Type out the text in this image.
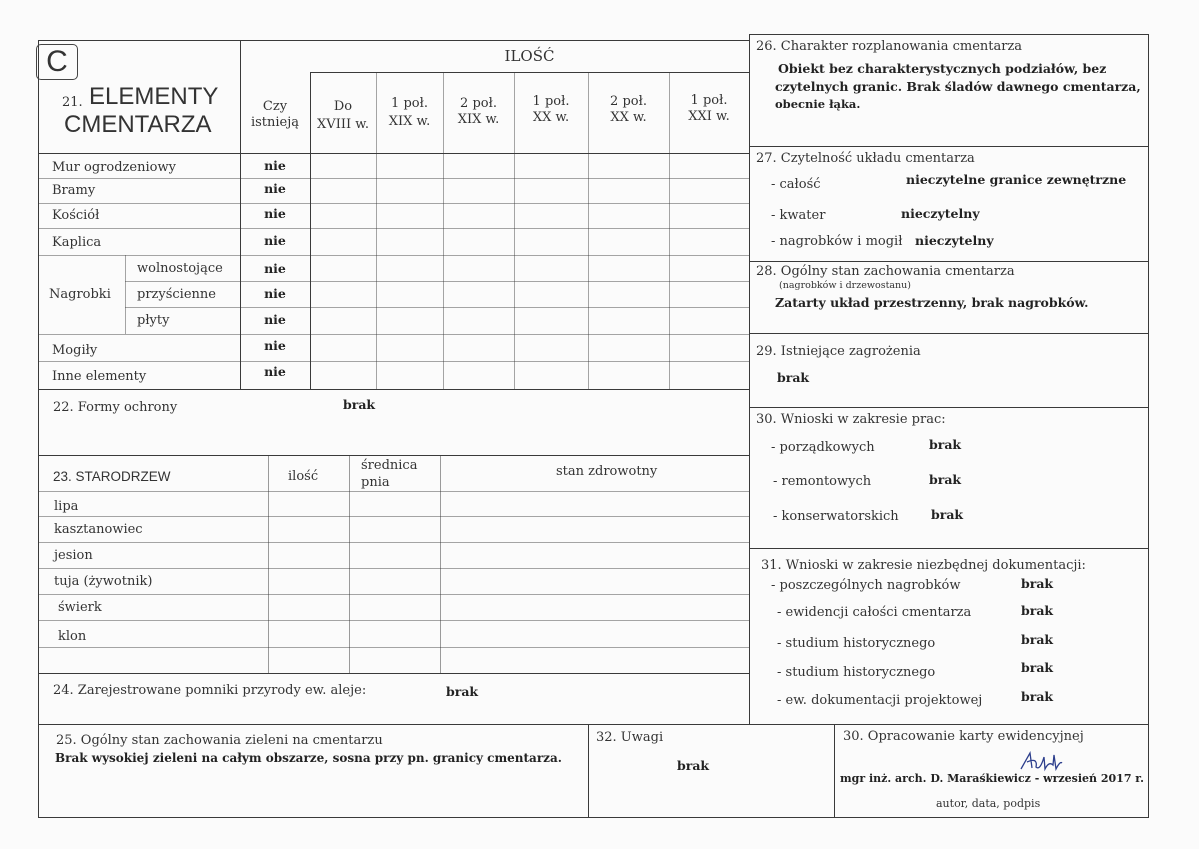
C
21. ELEMENTY
CMENTARZA
Czy
istnieją
ILOŚĆ
Do
XVIII w.
1 poł.
XIX w.
2 poł.
XIX w.
1 poł.
XX w.
2 poł.
XX w.
1 poł.
XXI w.
Mur ogrodzeniowy	nie
Bramy	nie
Kościół	nie
Kaplica	nie
Nagrobki
wolnostojące	nie
przyścienne	nie
płyty	nie
Mogiły	nie
Inne elementy	nie
22. Formy ochrony	brak
23. STARODRZEW	ilość
średnica
pnia
stan zdrowotny
lipa
kasztanowiec
jesion
tuja (żywotnik)
świerk
klon
24. Zarejestrowane pomniki przyrody ew. aleje:	brak
25. Ogólny stan zachowania zieleni na cmentarzu
Brak wysokiej zieleni na całym obszarze, sosna przy pn. granicy cmentarza.
32. Uwagi
brak
30. Opracowanie karty ewidencyjnej
mgr inż. arch. D. Maraśkiewicz - wrzesień 2017 r.
autor, data, podpis
26. Charakter rozplanowania cmentarza
Obiekt bez charakterystycznych podziałów, bez
czytelnych granic. Brak śladów dawnego cmentarza,
obecnie łąka.
27. Czytelność układu cmentarza
- całość	nieczytelne granice zewnętrzne
- kwater	nieczytelny
- nagrobków i mogił nieczytelny
28. Ogólny stan zachowania cmentarza
(nagrobków i drzewostanu)
Zatarty układ przestrzenny, brak nagrobków.
29. Istniejące zagrożenia
brak
30. Wnioski w zakresie prac:
- porządkowych	brak
- remontowych	brak
- konserwatorskich	brak
31. Wnioski w zakresie niezbędnej dokumentacji:
- poszczególnych nagrobków	brak
- ewidencji całości cmentarza	brak
- studium historycznego	brak
- studium historycznego	brak
- ew. dokumentacji projektowej	brak
